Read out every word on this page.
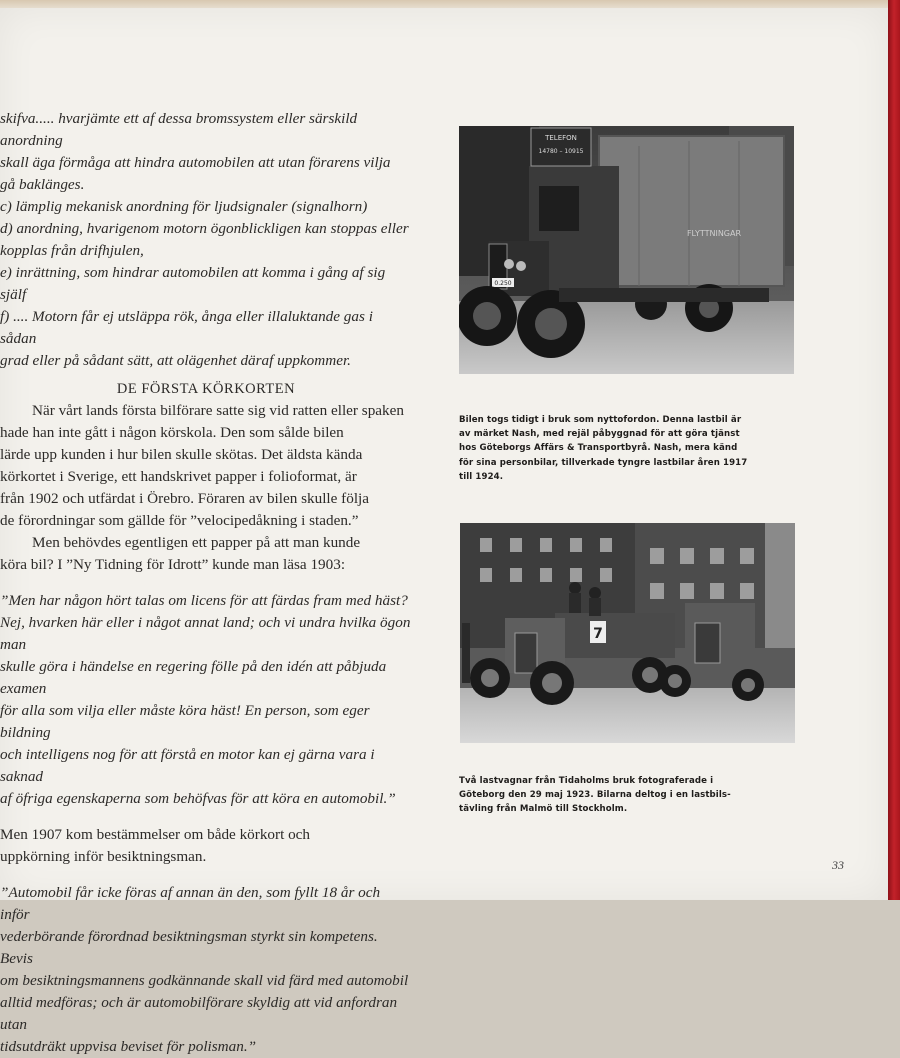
skifva..... hvarjämte ett af dessa bromssystem eller särskild anordning

skall äga förmåga att hindra automobilen att utan förarens vilja

gå baklänges.

c) lämplig mekanisk anordning för ljudsignaler (signalhorn)

d) anordning, hvarigenom motorn ögonblickligen kan stoppas eller

kopplas från drifhjulen,

e) inrättning, som hindrar automobilen att komma i gång af sig själf

f) .... Motorn får ej utsläppa rök, ånga eller illaluktande gas i sådan

grad eller på sådant sätt, att olägenhet däraf uppkommer.

DE FÖRSTA KÖRKORTEN

När vårt lands första bilförare satte sig vid ratten eller spaken

hade han inte gått i någon körskola. Den som sålde bilen

lärde upp kunden i hur bilen skulle skötas. Det äldsta kända

körkortet i Sverige, ett handskrivet papper i folioformat, är

från 1902 och utfärdat i Örebro. Föraren av bilen skulle följa

de förordningar som gällde för ”velocipedåkning i staden.”

Men behövdes egentligen ett papper på att man kunde

köra bil? I ”Ny Tidning för Idrott” kunde man läsa 1903:

”Men har någon hört talas om licens för att färdas fram med häst?

Nej, hvarken här eller i något annat land; och vi undra hvilka ögon man

skulle göra i händelse en regering fölle på den idén att påbjuda examen

för alla som vilja eller måste köra häst! En person, som eger bildning

och intelligens nog för att förstå en motor kan ej gärna vara i saknad

af öfriga egenskaperna som behöfvas för att köra en automobil.”

Men 1907 kom bestämmelser om både körkort och

uppkörning inför besiktningsman.

”Automobil får icke föras af annan än den, som fyllt 18 år och inför

vederbörande förordnad besiktningsman styrkt sin kompetens. Bevis

om besiktningsmannens godkännande skall vid färd med automobil

alltid medföras; och är automobilförare skyldig att vid anfordran utan

tidsutdräkt uppvisa beviset för polisman.”

TELEFON
14780 – 10915
FLYTTNINGAR
0.250
Bilen togs tidigt i bruk som nyttofordon. Denna lastbil är
av märket Nash, med rejäl påbyggnad för att göra tjänst
hos Göteborgs Affärs & Transportbyrå. Nash, mera känd
för sina personbilar, tillverkade tyngre lastbilar åren 1917
till 1924.
7
Två lastvagnar från Tidaholms bruk fotograferade i
Göteborg den 29 maj 1923. Bilarna deltog i en lastbils-
tävling från Malmö till Stockholm.
33
